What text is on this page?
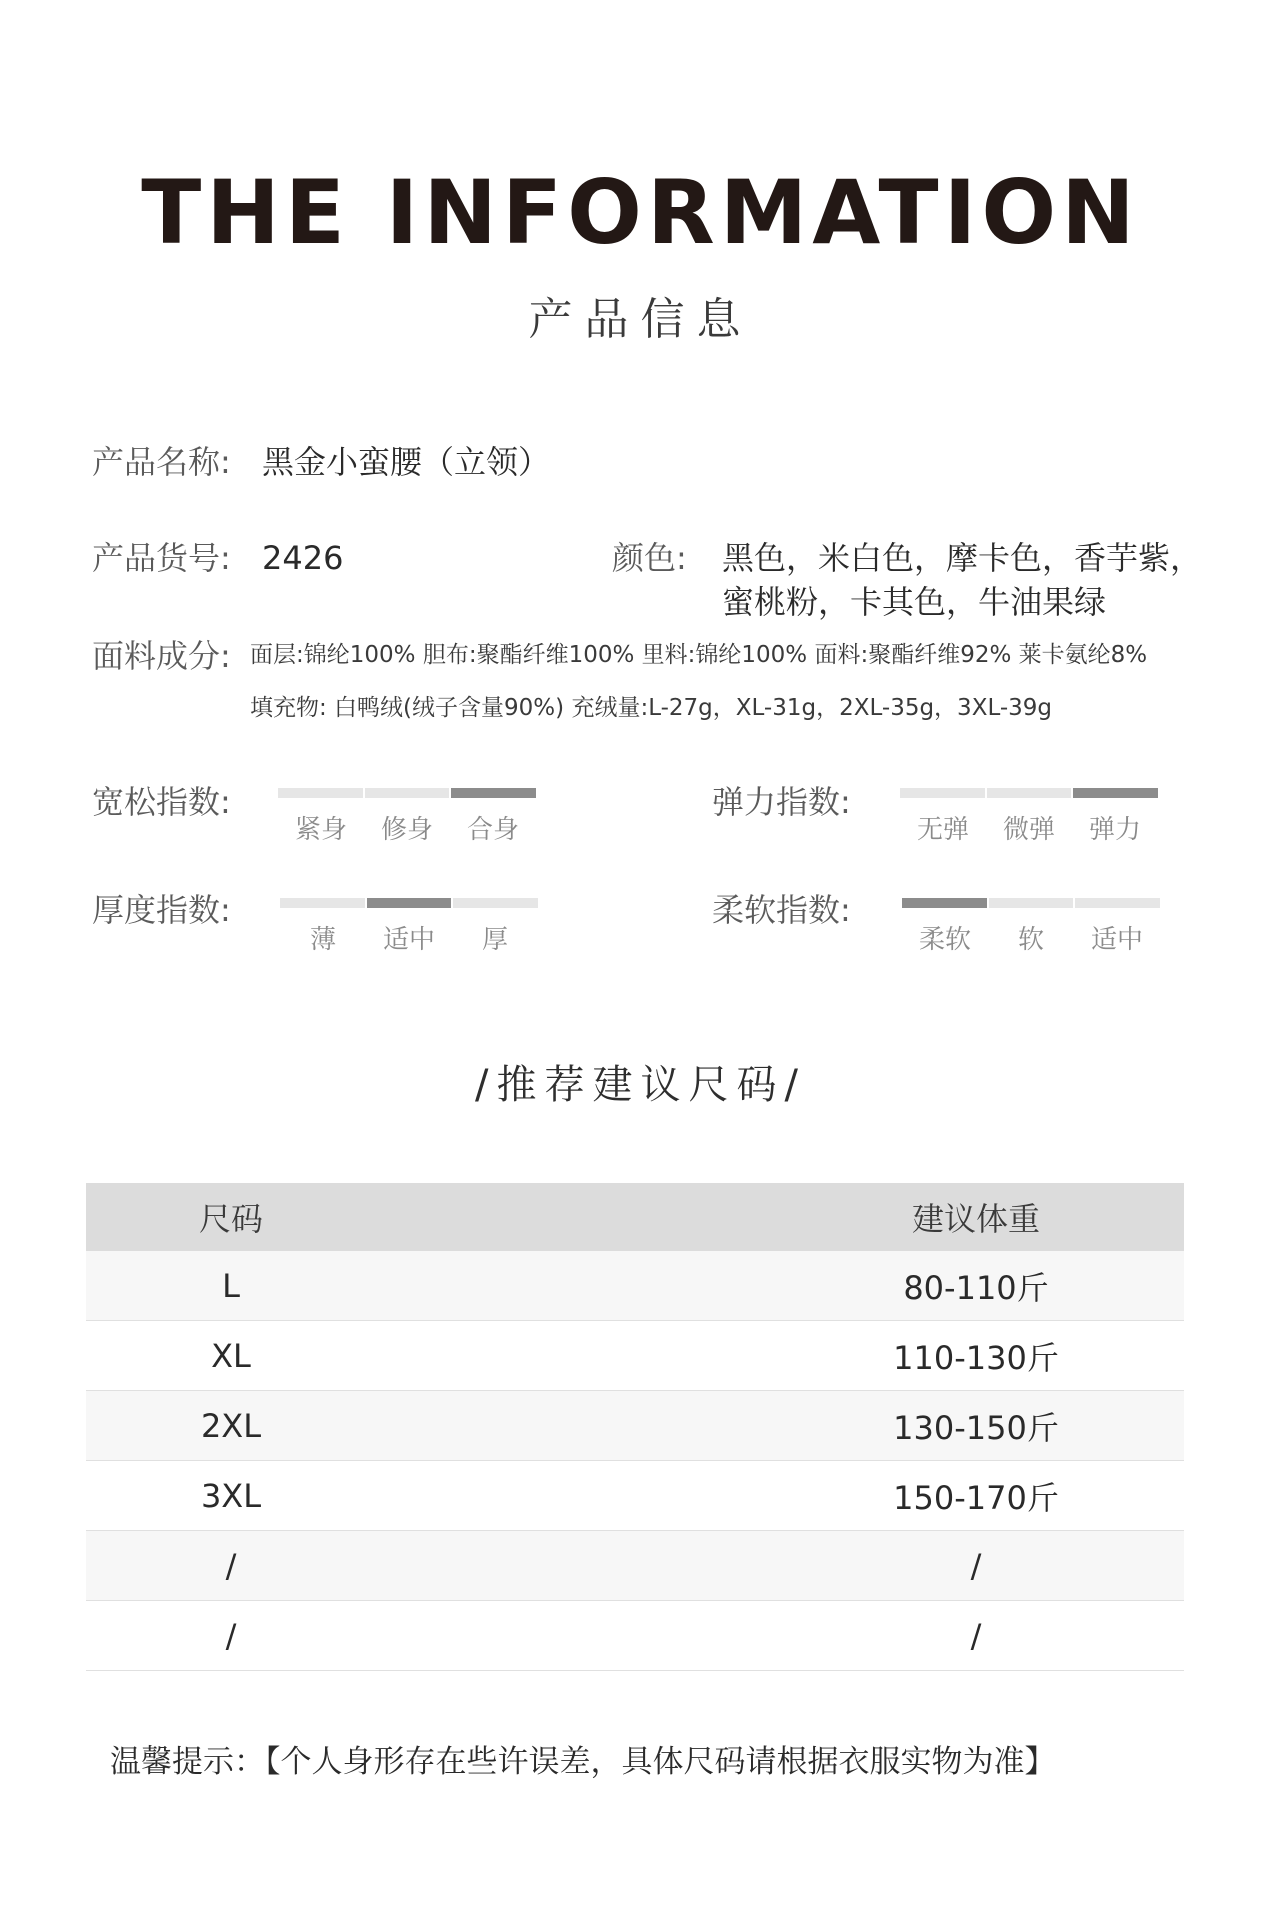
THE INFORMATION
产品信息
产品名称: 黑金小蛮腰（立领）
产品货号: 2426	颜色: 黑色，米白色，摩卡色，香芋紫，
蜜桃粉，卡其色，牛油果绿
面料成分: 面层:锦纶100% 胆布:聚酯纤维100% 里料:锦纶100% 面料:聚酯纤维92% 莱卡氨纶8%
填充物: 白鸭绒(绒子含量90%) 充绒量:L-27g，XL-31g，2XL-35g，3XL-39g
宽松指数:
紧身	修身	合身
弹力指数:
无弹	微弹	弹力
厚度指数:
薄	适中	厚
柔软指数:
柔软	软	适中
/推荐建议尺码/
尺码	建议体重
L	80-110斤
XL	110-130斤
2XL	130-150斤
3XL	150-170斤
/	/
/	/
温馨提示：【个人身形存在些许误差，具体尺码请根据衣服实物为准】
